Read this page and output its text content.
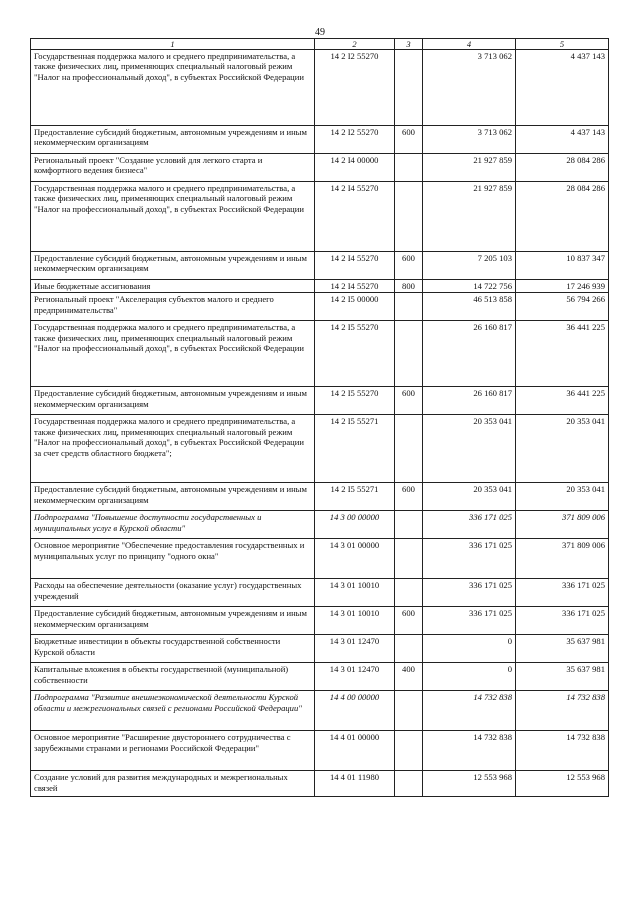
49
1	2	3	4	5
Государственная поддержка малого и среднего предпринимательства, а также физических лиц, применяющих специальный налоговый режим "Налог на профессиональный доход", в субъектах Российской Федерации	14 2 I2 55270		3 713 062	4 437 143
Предоставление субсидий бюджетным, автономным учреждениям и иным некоммерческим организациям	14 2 I2 55270	600	3 713 062	4 437 143
Региональный проект "Создание условий для легкого старта и комфортного ведения бизнеса"	14 2 I4 00000		21 927 859	28 084 286
Государственная поддержка малого и среднего предпринимательства, а также физических лиц, применяющих специальный налоговый режим "Налог на профессиональный доход", в субъектах Российской Федерации	14 2 I4 55270		21 927 859	28 084 286
Предоставление субсидий бюджетным, автономным учреждениям и иным некоммерческим организациям	14 2 I4 55270	600	7 205 103	10 837 347
Иные бюджетные ассигнования	14 2 I4 55270	800	14 722 756	17 246 939
Региональный проект "Акселерация субъектов малого и среднего предпринимательства"	14 2 I5 00000		46 513 858	56 794 266
Государственная поддержка малого и среднего предпринимательства, а также физических лиц, применяющих специальный налоговый режим "Налог на профессиональный доход", в субъектах Российской Федерации	14 2 I5 55270		26 160 817	36 441 225
Предоставление субсидий бюджетным, автономным учреждениям и иным некоммерческим организациям	14 2 I5 55270	600	26 160 817	36 441 225
Государственная поддержка малого и среднего предпринимательства, а также физических лиц, применяющих специальный налоговый режим "Налог на профессиональный доход", в субъектах Российской Федерации за счет средств областного бюджета";	14 2 I5 55271		20 353 041	20 353 041
Предоставление субсидий бюджетным, автономным учреждениям и иным некоммерческим организациям	14 2 I5 55271	600	20 353 041	20 353 041
Подпрограмма "Повышение доступности государственных и муниципальных услуг в Курской области"	14 3 00 00000		336 171 025	371 809 006
Основное мероприятие "Обеспечение предоставления государственных и муниципальных услуг по принципу "одного окна"	14 3 01 00000		336 171 025	371 809 006
Расходы на обеспечение деятельности (оказание услуг) государственных учреждений	14 3 01 10010		336 171 025	336 171 025
Предоставление субсидий бюджетным, автономным учреждениям и иным некоммерческим организациям	14 3 01 10010	600	336 171 025	336 171 025
Бюджетные инвестиции в объекты государственной собственности Курской области	14 3 01 12470		0	35 637 981
Капитальные вложения в объекты государственной (муниципальной) собственности	14 3 01 12470	400	0	35 637 981
Подпрограмма "Развитие внешнеэкономической деятельности Курской области и межрегиональных связей с регионами Российской Федерации"	14 4 00 00000		14 732 838	14 732 838
Основное мероприятие "Расширение двустороннего сотрудничества с зарубежными странами и регионами Российской Федерации"	14 4 01 00000		14 732 838	14 732 838
Создание условий для развития международных и межрегиональных связей	14 4 01 11980		12 553 968	12 553 968
